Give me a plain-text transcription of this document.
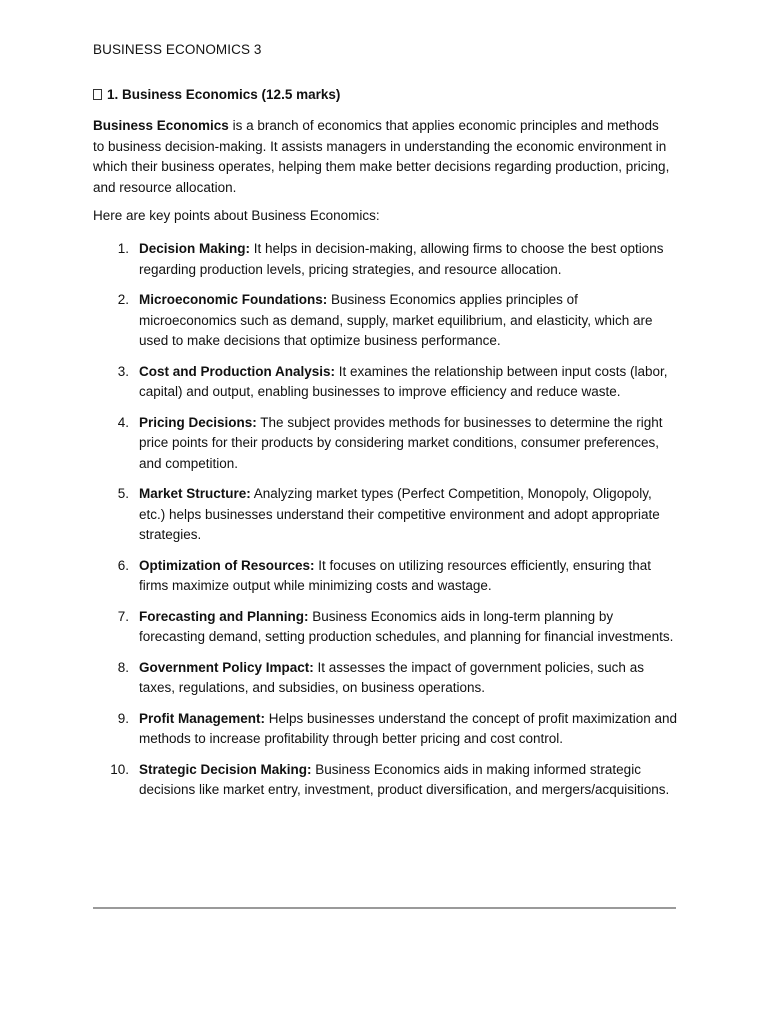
BUSINESS ECONOMICS 3
1. Business Economics (12.5 marks)

Business Economics is a branch of economics that applies economic principles and methods to business decision-making. It assists managers in understanding the economic environment in which their business operates, helping them make better decisions regarding production, pricing, and resource allocation.

Here are key points about Business Economics:

1 . Decision Making: It helps in decision-making, allowing firms to choose the best options regarding production levels, pricing strategies, and resource allocation.
2 . Microeconomic Foundations: Business Economics applies principles of microeconomics such as demand, supply, market equilibrium, and elasticity, which are used to make decisions that optimize business performance.
3 . Cost and Production Analysis: It examines the relationship between input costs (labor, capital) and output, enabling businesses to improve efficiency and reduce waste.
4 . Pricing Decisions: The subject provides methods for businesses to determine the right price points for their products by considering market conditions, consumer preferences, and competition.
5 . Market Structure: Analyzing market types (Perfect Competition, Monopoly, Oligopoly, etc.) helps businesses understand their competitive environment and adopt appropriate strategies.
6 . Optimization of Resources: It focuses on utilizing resources efficiently, ensuring that firms maximize output while minimizing costs and wastage.
7 . Forecasting and Planning: Business Economics aids in long-term planning by forecasting demand, setting production schedules, and planning for financial investments.
8 . Government Policy Impact: It assesses the impact of government policies, such as taxes, regulations, and subsidies, on business operations.
9 . Profit Management: Helps businesses understand the concept of profit maximization and methods to increase profitability through better pricing and cost control.
10 . Strategic Decision Making: Business Economics aids in making informed strategic decisions like market entry, investment, product diversification, and mergers/acquisitions.
